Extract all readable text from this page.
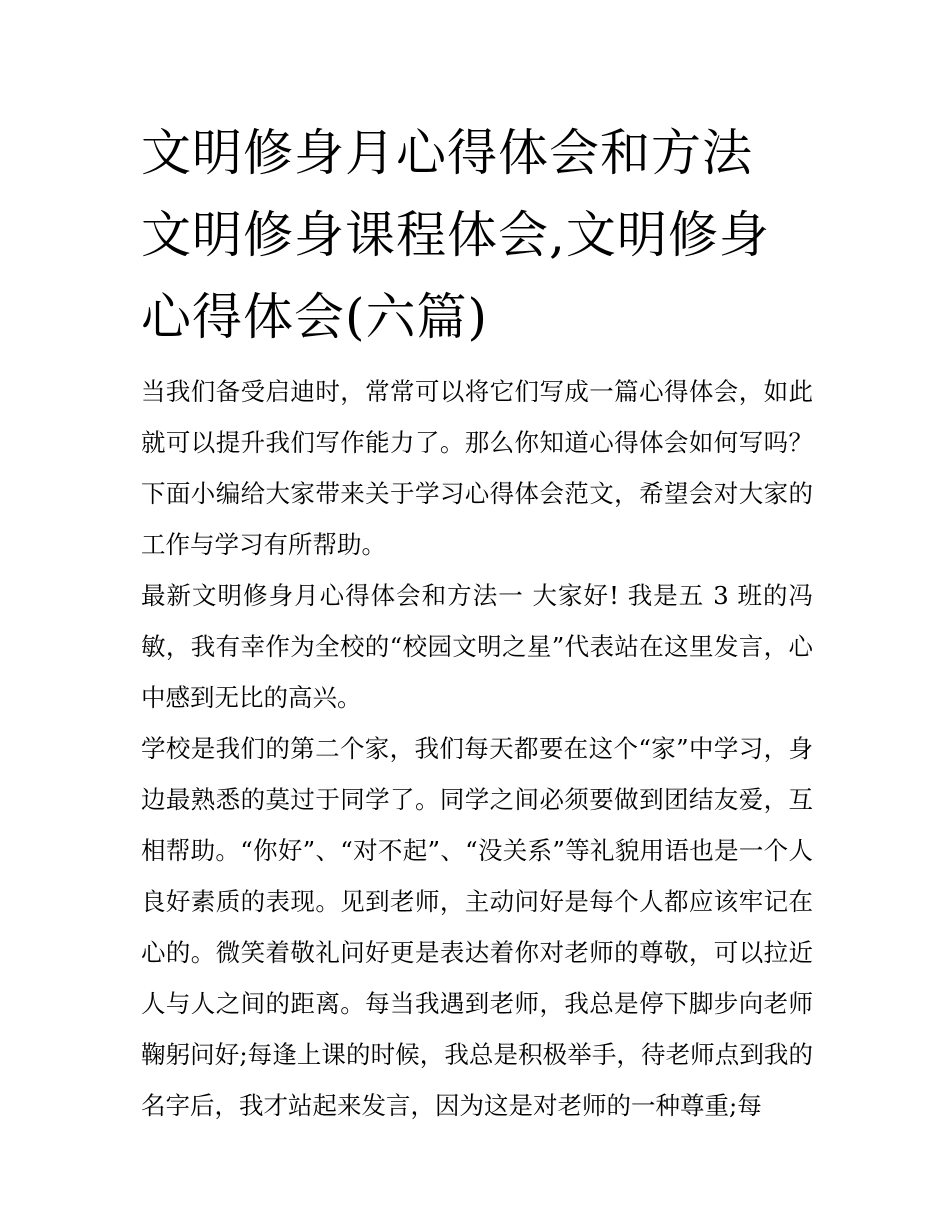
文明修身月心得体会和方法 文明修身课程体会,文明修身心得体会(六篇)

当我们备受启迪时，常常可以将它们写成一篇心得体会，如此就可以提升我们写作能力了。那么你知道心得体会如何写吗？下面小编给大家带来关于学习心得体会范文，希望会对大家的工作与学习有所帮助。

最新文明修身月心得体会和方法一 大家好! 我是五 3 班的冯敏，我有幸作为全校的“校园文明之星”代表站在这里发言，心中感到无比的高兴。

学校是我们的第二个家，我们每天都要在这个“家”中学习，身边最熟悉的莫过于同学了。同学之间必须要做到团结友爱，互相帮助。“你好”、“对不起”、“没关系”等礼貌用语也是一个人良好素质的表现。见到老师，主动问好是每个人都应该牢记在心的。微笑着敬礼问好更是表达着你对老师的尊敬，可以拉近人与人之间的距离。每当我遇到老师，我总是停下脚步向老师鞠躬问好;每逢上课的时候，我总是积极举手，待老师点到我的名字后，我才站起来发言，因为这是对老师的一种尊重;每
